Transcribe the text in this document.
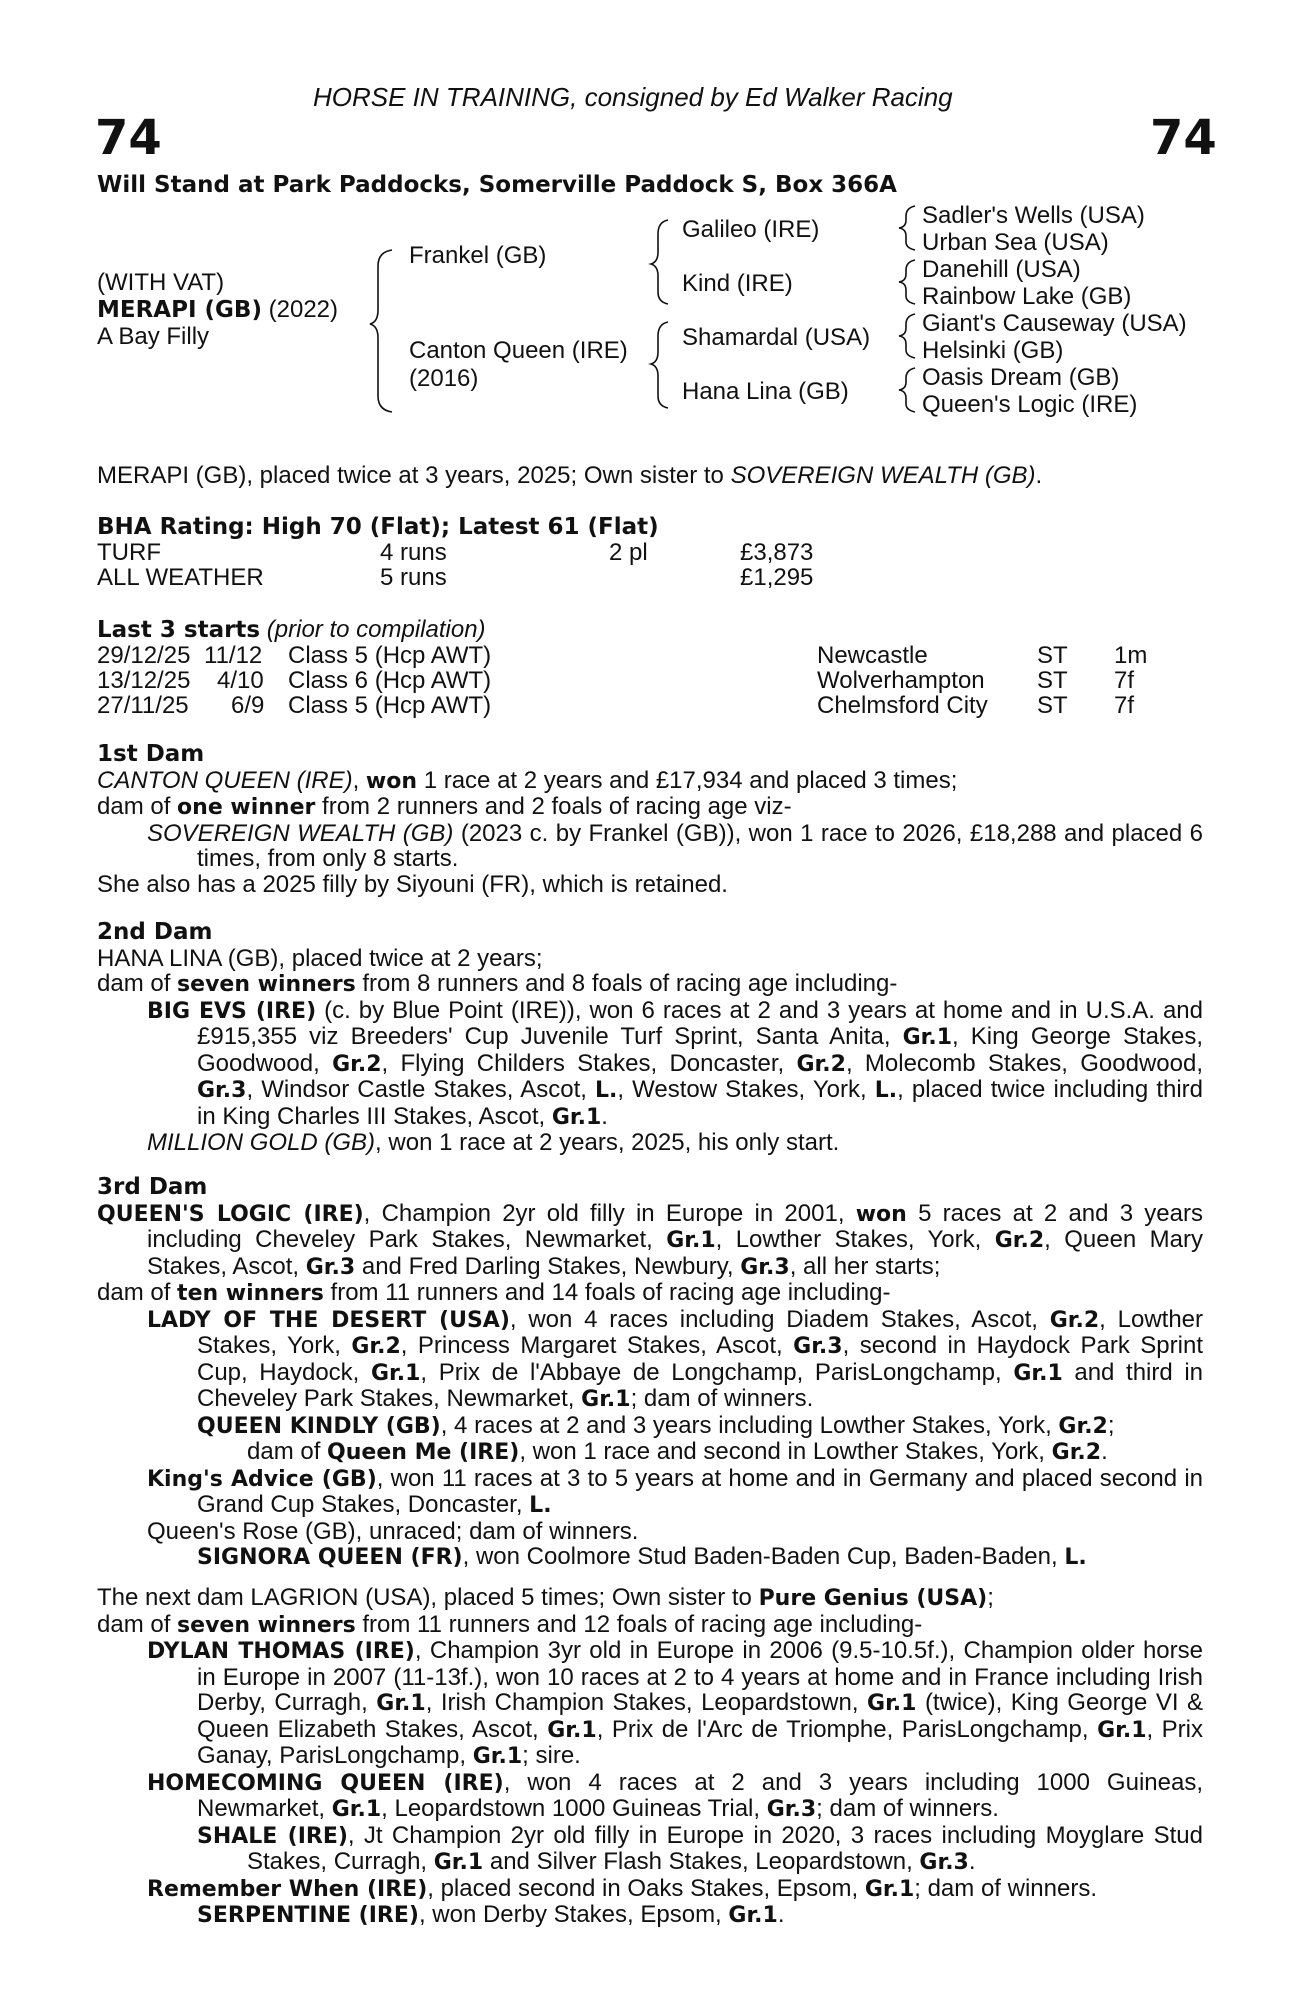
HORSE IN TRAINING, consigned by Ed Walker Racing
74	74
Will Stand at Park Paddocks, Somerville Paddock S, Box 366A
(WITH VAT)
MERAPI (GB) (2022)
A Bay Filly
Frankel (GB)
Canton Queen (IRE)
(2016)
Galileo (IRE)
Kind (IRE)
Shamardal (USA)
Hana Lina (GB)
Sadler's Wells (USA)
Urban Sea (USA)
Danehill (USA)
Rainbow Lake (GB)
Giant's Causeway (USA)
Helsinki (GB)
Oasis Dream (GB)
Queen's Logic (IRE)
MERAPI (GB), placed twice at 3 years, 2025; Own sister to SOVEREIGN WEALTH (GB).
BHA Rating: High 70 (Flat); Latest 61 (Flat)
TURF	4 runs	2 pl	£3,873
ALL WEATHER	5 runs	£1,295
Last 3 starts (prior to compilation)
29/12/25 11/12 Class 5 (Hcp AWT)	Newcastle	ST 1m
13/12/25 4/10 Class 6 (Hcp AWT)	Wolverhampton ST 7f
27/11/25 6/9 Class 5 (Hcp AWT)	Chelmsford City ST 7f
1st Dam
CANTON QUEEN (IRE), won 1 race at 2 years and £17,934 and placed 3 times;
dam of one winner from 2 runners and 2 foals of racing age viz-
SOVEREIGN WEALTH (GB) (2023 c. by Frankel (GB)), won 1 race to 2026, £18,288 and placed 6 times, from only 8 starts.
She also has a 2025 filly by Siyouni (FR), which is retained.
2nd Dam
HANA LINA (GB), placed twice at 2 years;
dam of seven winners from 8 runners and 8 foals of racing age including-
BIG EVS (IRE) (c. by Blue Point (IRE)), won 6 races at 2 and 3 years at home and in U.S.A. and £915,355 viz Breeders' Cup Juvenile Turf Sprint, Santa Anita, Gr.1, King George Stakes, Goodwood, Gr.2, Flying Childers Stakes, Doncaster, Gr.2, Molecomb Stakes, Goodwood, Gr.3, Windsor Castle Stakes, Ascot, L., Westow Stakes, York, L., placed twice including third in King Charles III Stakes, Ascot, Gr.1.
MILLION GOLD (GB), won 1 race at 2 years, 2025, his only start.
3rd Dam
QUEEN'S LOGIC (IRE), Champion 2yr old filly in Europe in 2001, won 5 races at 2 and 3 years including Cheveley Park Stakes, Newmarket, Gr.1, Lowther Stakes, York, Gr.2, Queen Mary Stakes, Ascot, Gr.3 and Fred Darling Stakes, Newbury, Gr.3, all her starts;
dam of ten winners from 11 runners and 14 foals of racing age including-
LADY OF THE DESERT (USA), won 4 races including Diadem Stakes, Ascot, Gr.2, Lowther Stakes, York, Gr.2, Princess Margaret Stakes, Ascot, Gr.3, second in Haydock Park Sprint Cup, Haydock, Gr.1, Prix de l'Abbaye de Longchamp, ParisLongchamp, Gr.1 and third in Cheveley Park Stakes, Newmarket, Gr.1; dam of winners.
QUEEN KINDLY (GB), 4 races at 2 and 3 years including Lowther Stakes, York, Gr.2;
dam of Queen Me (IRE), won 1 race and second in Lowther Stakes, York, Gr.2.
King's Advice (GB), won 11 races at 3 to 5 years at home and in Germany and placed second in Grand Cup Stakes, Doncaster, L.
Queen's Rose (GB), unraced; dam of winners.
SIGNORA QUEEN (FR), won Coolmore Stud Baden-Baden Cup, Baden-Baden, L.
The next dam LAGRION (USA), placed 5 times; Own sister to Pure Genius (USA);
dam of seven winners from 11 runners and 12 foals of racing age including-
DYLAN THOMAS (IRE), Champion 3yr old in Europe in 2006 (9.5-10.5f.), Champion older horse in Europe in 2007 (11-13f.), won 10 races at 2 to 4 years at home and in France including Irish Derby, Curragh, Gr.1, Irish Champion Stakes, Leopardstown, Gr.1 (twice), King George VI & Queen Elizabeth Stakes, Ascot, Gr.1, Prix de l'Arc de Triomphe, ParisLongchamp, Gr.1, Prix Ganay, ParisLongchamp, Gr.1; sire.
HOMECOMING QUEEN (IRE), won 4 races at 2 and 3 years including 1000 Guineas, Newmarket, Gr.1, Leopardstown 1000 Guineas Trial, Gr.3; dam of winners.
SHALE (IRE), Jt Champion 2yr old filly in Europe in 2020, 3 races including Moyglare Stud Stakes, Curragh, Gr.1 and Silver Flash Stakes, Leopardstown, Gr.3.
Remember When (IRE), placed second in Oaks Stakes, Epsom, Gr.1; dam of winners.
SERPENTINE (IRE), won Derby Stakes, Epsom, Gr.1.
